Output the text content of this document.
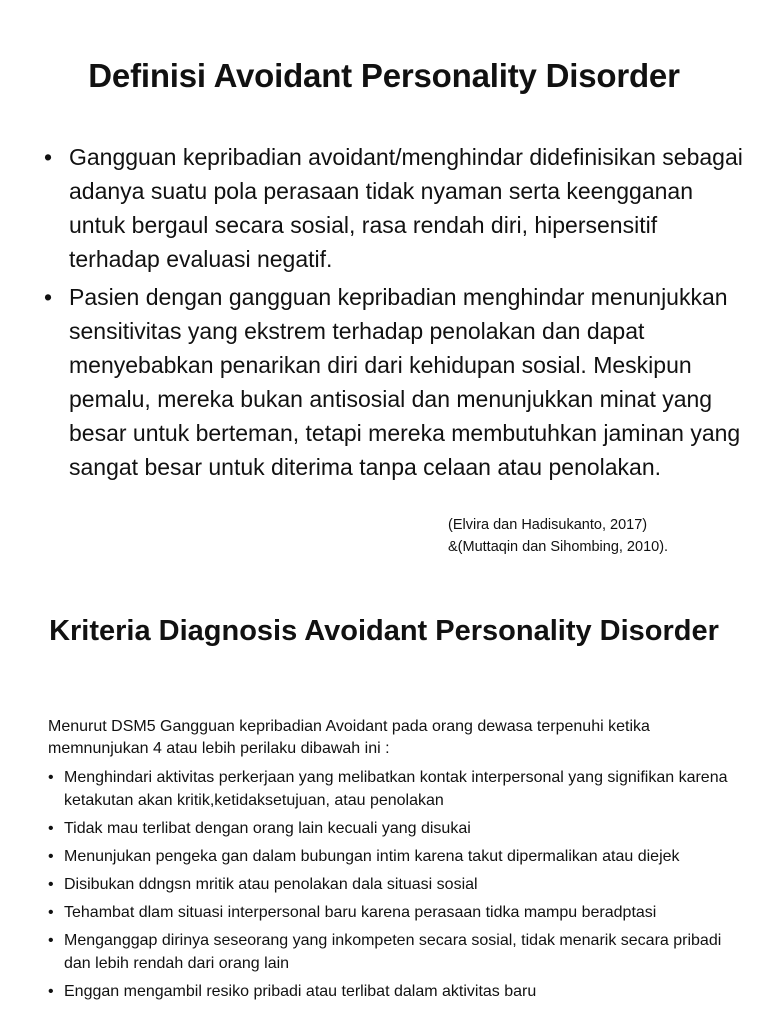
Definisi Avoidant Personality Disorder
• Gangguan kepribadian avoidant/menghindar didefinisikan sebagai adanya suatu pola perasaan tidak nyaman serta keengganan untuk bergaul secara sosial, rasa rendah diri, hipersensitif terhadap evaluasi negatif.
• Pasien dengan gangguan kepribadian menghindar menunjukkan sensitivitas yang ekstrem terhadap penolakan dan dapat menyebabkan penarikan diri dari kehidupan sosial. Meskipun pemalu, mereka bukan antisosial dan menunjukkan minat yang besar untuk berteman, tetapi mereka membutuhkan jaminan yang sangat besar untuk diterima tanpa celaan atau penolakan.
(Elvira dan Hadisukanto, 2017)
&(Muttaqin dan Sihombing, 2010).
Kriteria Diagnosis Avoidant Personality Disorder
Menurut DSM5 Gangguan kepribadian Avoidant pada orang dewasa terpenuhi ketika memnunjukan 4 atau lebih perilaku dibawah ini :
• Menghindari aktivitas perkerjaan yang melibatkan kontak interpersonal yang signifikan karena ketakutan akan kritik,ketidaksetujuan, atau penolakan
• Tidak mau terlibat dengan orang lain kecuali yang disukai
• Menunjukan pengeka gan dalam bubungan intim karena takut dipermalikan atau diejek
• Disibukan ddngsn mritik atau penolakan dala situasi sosial
• Tehambat dlam situasi interpersonal baru karena perasaan tidka mampu beradptasi
• Menganggap dirinya seseorang yang inkompeten secara sosial, tidak menarik secara pribadi dan lebih rendah dari orang lain
• Enggan mengambil resiko pribadi atau terlibat dalam aktivitas baru
